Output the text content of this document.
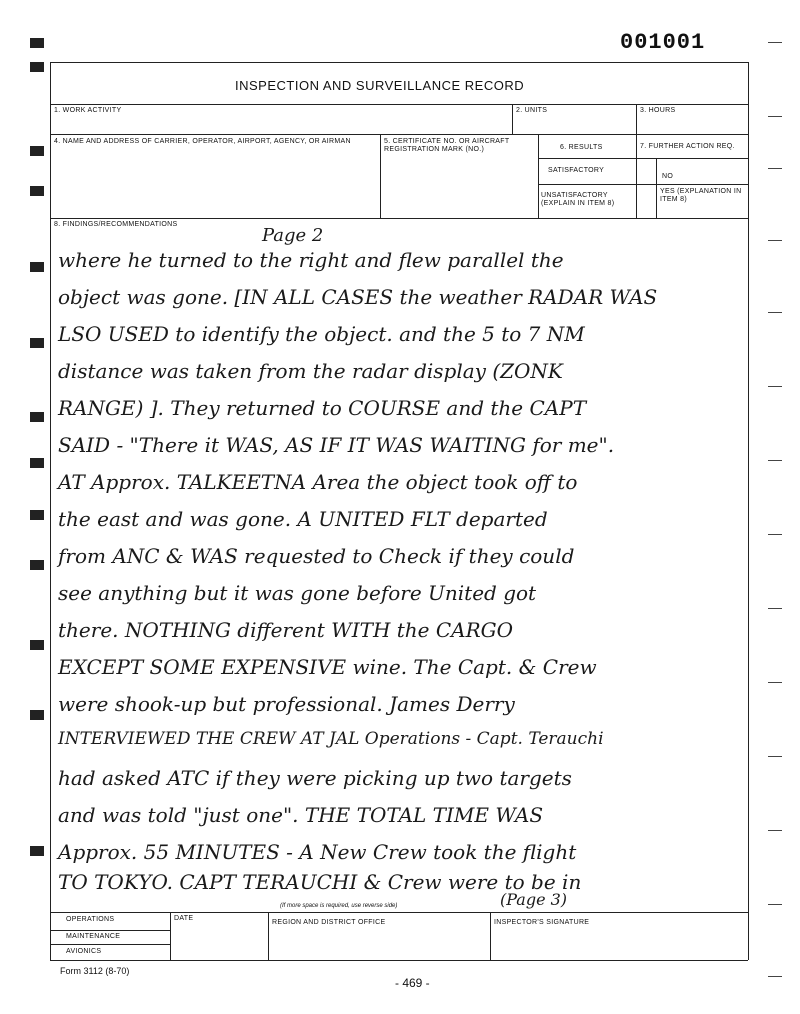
001001
INSPECTION AND SURVEILLANCE RECORD
1. WORK ACTIVITY	2. UNITS	3. HOURS
4. NAME AND ADDRESS OF CARRIER, OPERATOR, AIRPORT, AGENCY, OR AIRMAN	5. CERTIFICATE NO. OR AIRCRAFT REGISTRATION MARK (NO.)	6. RESULTS
SATISFACTORY
UNSATISFACTORY (EXPLAIN IN ITEM 8)
7. FURTHER ACTION REQ.
NO
YES (EXPLANATION IN ITEM 8)
8. FINDINGS/RECOMMENDATIONS
Page 2
where he turned to the right and flew parallel the
object was gone. [IN ALL CASES the weather RADAR WAS
LSO USED to identify the object. and the 5 to 7 NM
distance was taken from the radar display (ZONK
RANGE) ]. They returned to COURSE and the CAPT
SAID - "There it WAS, AS IF IT WAS WAITING for me".
AT Approx. TALKEETNA Area the object took off to
the east and was gone. A UNITED FLT departed
from ANC & WAS requested to Check if they could
see anything but it was gone before United got
there. NOTHING different WITH the CARGO
EXCEPT SOME EXPENSIVE wine. The Capt. & Crew
were shook-up but professional. James Derry
INTERVIEWED THE CREW AT JAL Operations - Capt. Terauchi
had asked ATC if they were picking up two targets
and was told "just one". THE TOTAL TIME WAS
Approx. 55 MINUTES - A New Crew took the flight
TO TOKYO. CAPT TERAUCHI & Crew were to be in
(If more space is required, use reverse side)	(Page 3)
OPERATIONS
MAINTENANCE
AVIONICS
DATE
REGION AND DISTRICT OFFICE	INSPECTOR'S SIGNATURE
Form 3112 (8-70)
- 469 -
